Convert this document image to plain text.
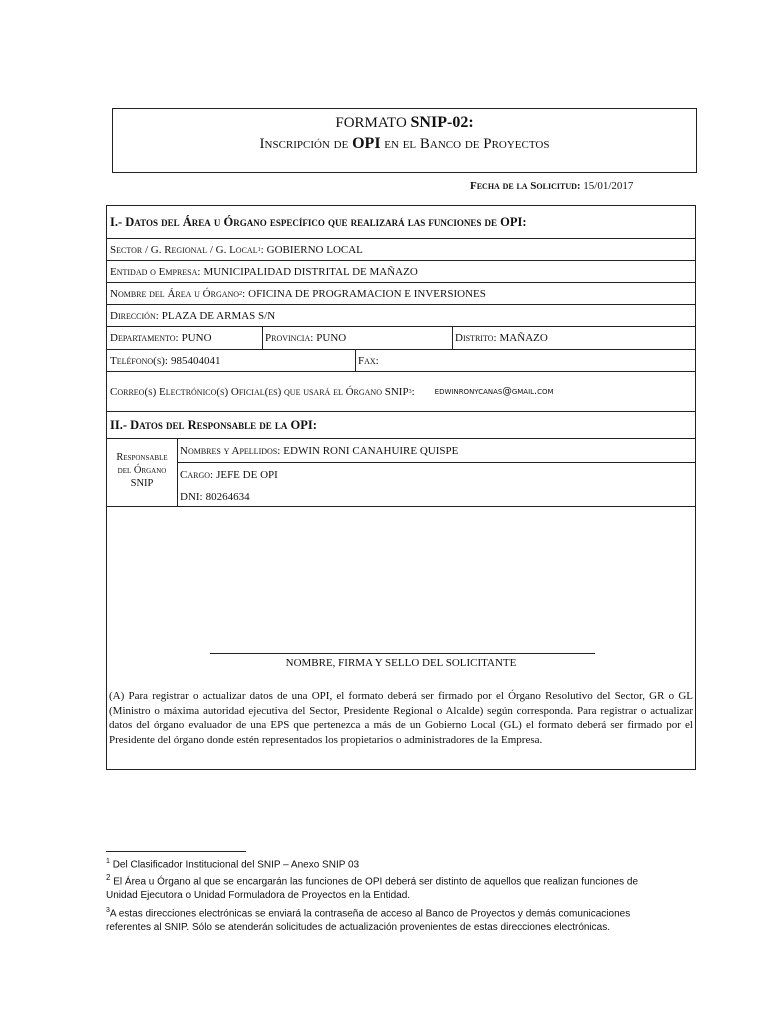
FORMATO SNIP-02:
Inscripción de OPI en el Banco de Proyectos
Fecha de la Solicitud: 15/01/2017
I.- Datos del Área u Órgano específico que realizará las funciones de OPI:
Sector / G. Regional / G. Local 1 : GOBIERNO LOCAL
Entidad o Empresa: MUNICIPALIDAD DISTRITAL DE MAÑAZO
Nombre del Área u Órgano 2 : OFICINA DE PROGRAMACION E INVERSIONES
Dirección: PLAZA DE ARMAS S/N
Departamento: PUNO	Provincia: PUNO	Distrito: MAÑAZO
Teléfono(s): 985404041	Fax:
Correo(s) Electrónico(s) Oficial(es) que usará el Órgano SNIP 3 : edwinronycanas@gmail.com
II.- Datos del Responsable de la OPI:
Responsable
del Órgano
SNIP
Nombres y Apellidos: EDWIN RONI CANAHUIRE QUISPE
Cargo: JEFE DE OPI
DNI: 80264634
NOMBRE, FIRMA Y SELLO DEL SOLICITANTE
(A) Para registrar o actualizar datos de una OPI, el formato deberá ser firmado por el Órgano Resolutivo del Sector, GR o GL (Ministro o máxima autoridad ejecutiva del Sector, Presidente Regional o Alcalde) según corresponda. Para registrar o actualizar datos del órgano evaluador de una EPS que pertenezca a más de un Gobierno Local (GL) el formato deberá ser firmado por el Presidente del órgano donde estén representados los propietarios o administradores de la Empresa.
$^1$ Del Clasificador Institucional del SNIP – Anexo SNIP 03
$^2$ El Área u Órgano al que se encargarán las funciones de OPI deberá ser distinto de aquellos que realizan funciones de Unidad Ejecutora o Unidad Formuladora de Proyectos en la Entidad.
$^3$A estas direcciones electrónicas se enviará la contraseña de acceso al Banco de Proyectos y demás comunicaciones referentes al SNIP. Sólo se atenderán solicitudes de actualización provenientes de estas direcciones electrónicas.
